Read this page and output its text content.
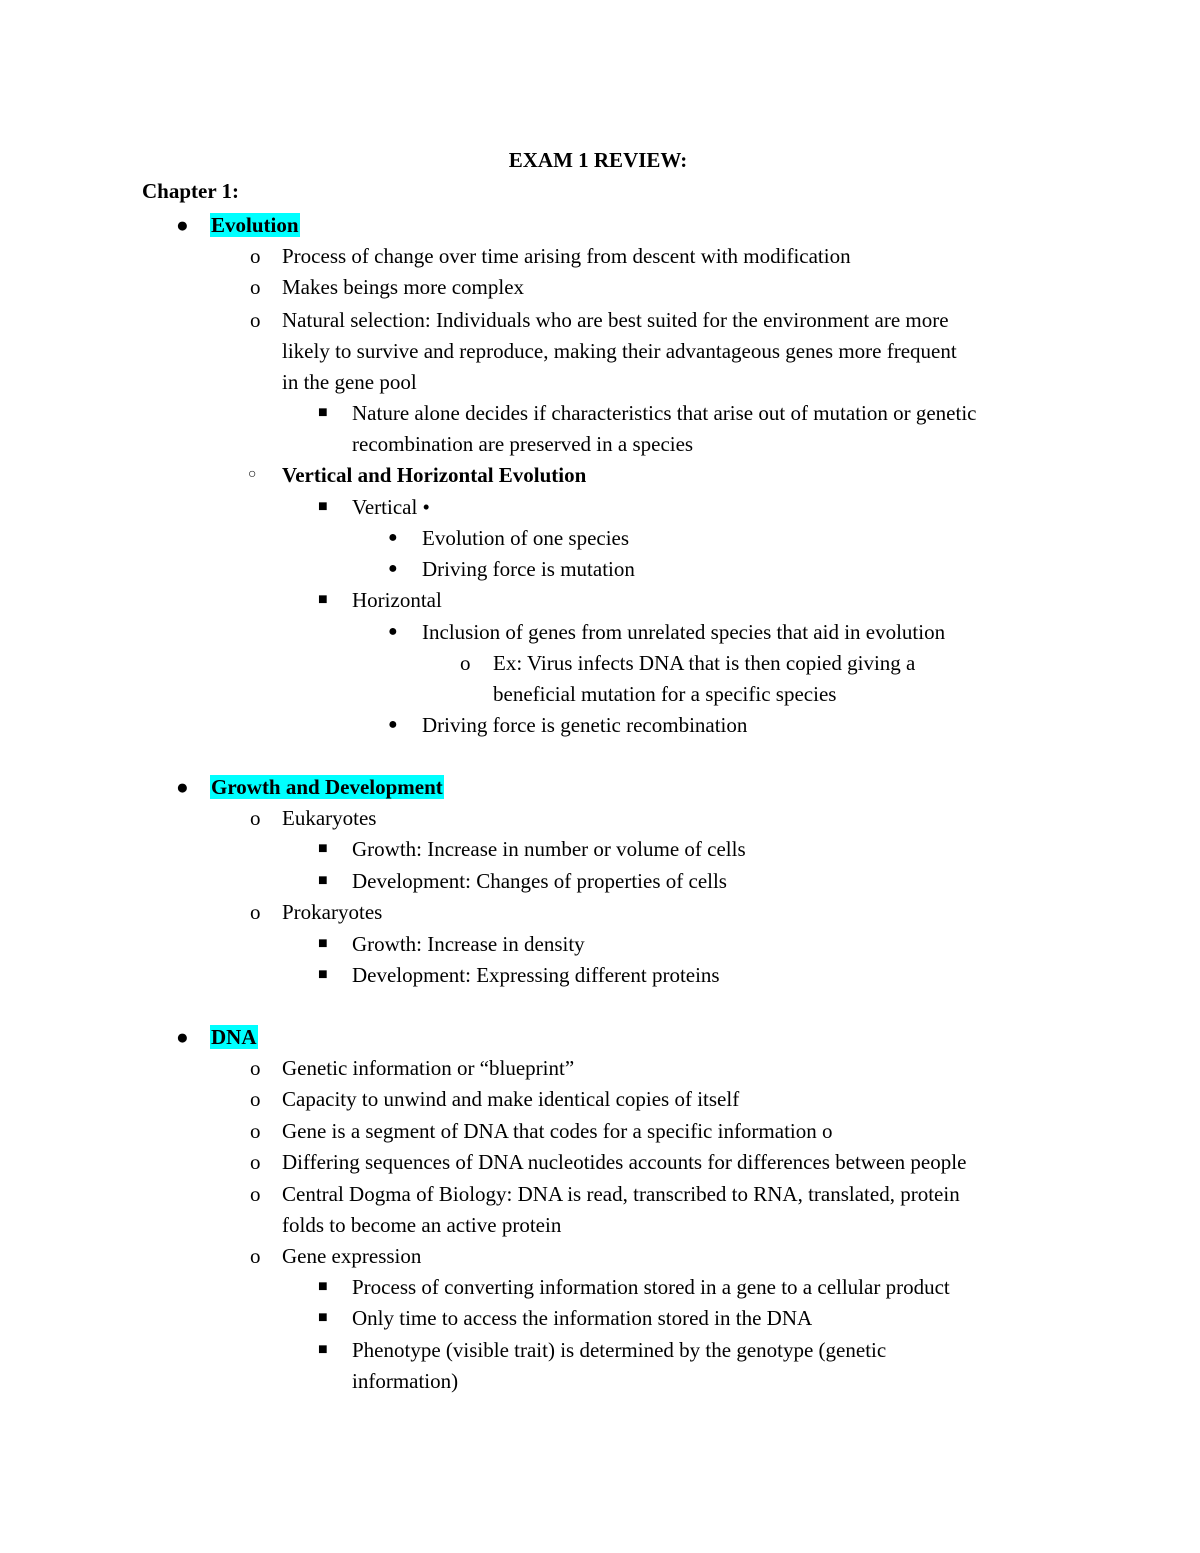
EXAM 1 REVIEW:
Chapter 1:
● Evolution
o Process of change over time arising from descent with modification
o Makes beings more complex
o Natural selection: Individuals who are best suited for the environment are more
likely to survive and reproduce, making their advantageous genes more frequent
in the gene pool
■ Nature alone decides if characteristics that arise out of mutation or genetic
recombination are preserved in a species
○ Vertical and Horizontal Evolution
■ Vertical •
● Evolution of one species
● Driving force is mutation
■ Horizontal
● Inclusion of genes from unrelated species that aid in evolution
o Ex: Virus infects DNA that is then copied giving a
beneficial mutation for a specific species
● Driving force is genetic recombination
● Growth and Development
o Eukaryotes
■ Growth: Increase in number or volume of cells
■ Development: Changes of properties of cells
o Prokaryotes
■ Growth: Increase in density
■ Development: Expressing different proteins
● DNA
o Genetic information or “blueprint”
o Capacity to unwind and make identical copies of itself
o Gene is a segment of DNA that codes for a specific information o
o Differing sequences of DNA nucleotides accounts for differences between people
o Central Dogma of Biology: DNA is read, transcribed to RNA, translated, protein
folds to become an active protein
o Gene expression
■ Process of converting information stored in a gene to a cellular product
■ Only time to access the information stored in the DNA
■ Phenotype (visible trait) is determined by the genotype (genetic
information)
